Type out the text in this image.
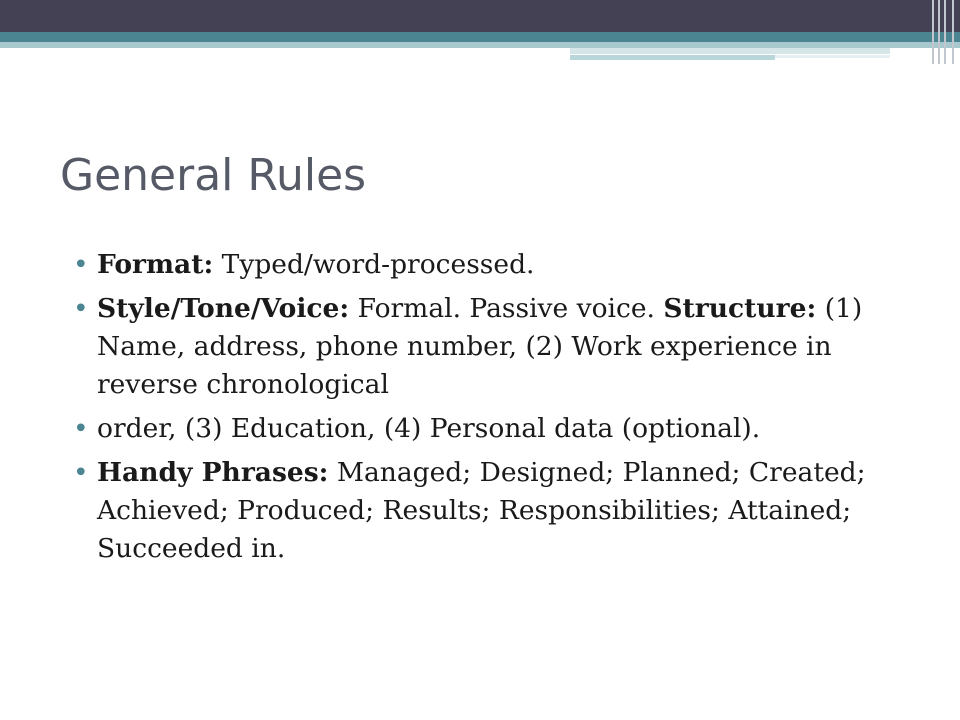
General Rules
• Format: Typed/word-processed.
• Style/Tone/Voice: Formal. Passive voice. Structure: (1) Name, address, phone number, (2) Work experience in reverse chronological
• order, (3) Education, (4) Personal data (optional).
• Handy Phrases: Managed; Designed; Planned; Created; Achieved; Produced; Results; Responsibilities; Attained; Succeeded in.
